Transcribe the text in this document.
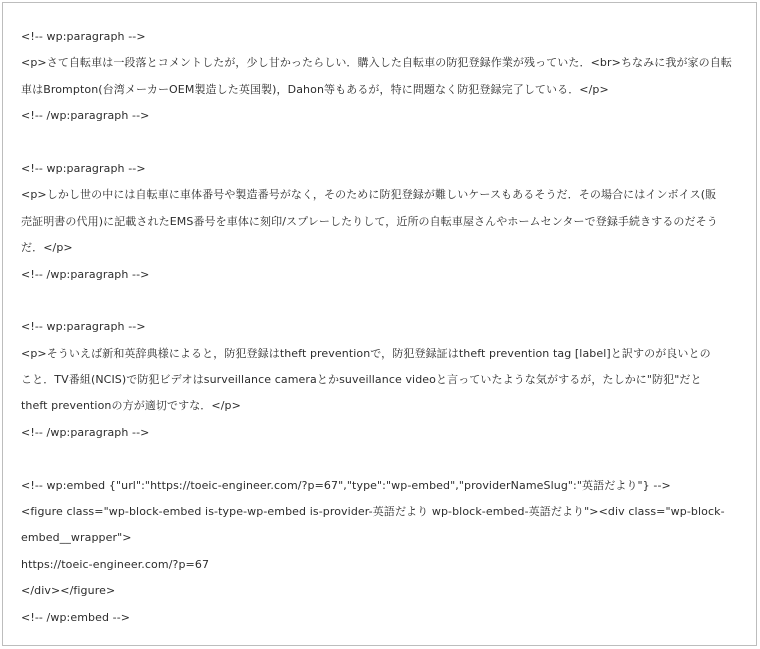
<!-- wp:paragraph -->
<p>さて自転車は一段落とコメントしたが，少し甘かったらしい．購入した自転車の防犯登録作業が残っていた．<br>ちなみに我が家の自転
車はBrompton(台湾メーカーOEM製造した英国製)，Dahon等もあるが，特に問題なく防犯登録完了している．</p>
<!-- /wp:paragraph -->
<!-- wp:paragraph -->
<p>しかし世の中には自転車に車体番号や製造番号がなく，そのために防犯登録が難しいケースもあるそうだ．その場合にはインボイス(販
売証明書の代用)に記載されたEMS番号を車体に刻印/スプレーしたりして，近所の自転車屋さんやホームセンターで登録手続きするのだそう
だ．</p>
<!-- /wp:paragraph -->
<!-- wp:paragraph -->
<p>そういえば新和英辞典様によると，防犯登録はtheft preventionで，防犯登録証はtheft prevention tag [label]と訳すのが良いとの
こと．TV番組(NCIS)で防犯ビデオはsurveillance cameraとかsuveillance videoと言っていたような気がするが，たしかに"防犯"だと
theft preventionの方が適切ですな．</p>
<!-- /wp:paragraph -->
<!-- wp:embed {"url":"https://toeic-engineer.com/?p=67","type":"wp-embed","providerNameSlug":"英語だより"} -->
<figure class="wp-block-embed is-type-wp-embed is-provider-英語だより wp-block-embed-英語だより"><div class="wp-block-
embed__wrapper">
https://toeic-engineer.com/?p=67
</div></figure>
<!-- /wp:embed -->
